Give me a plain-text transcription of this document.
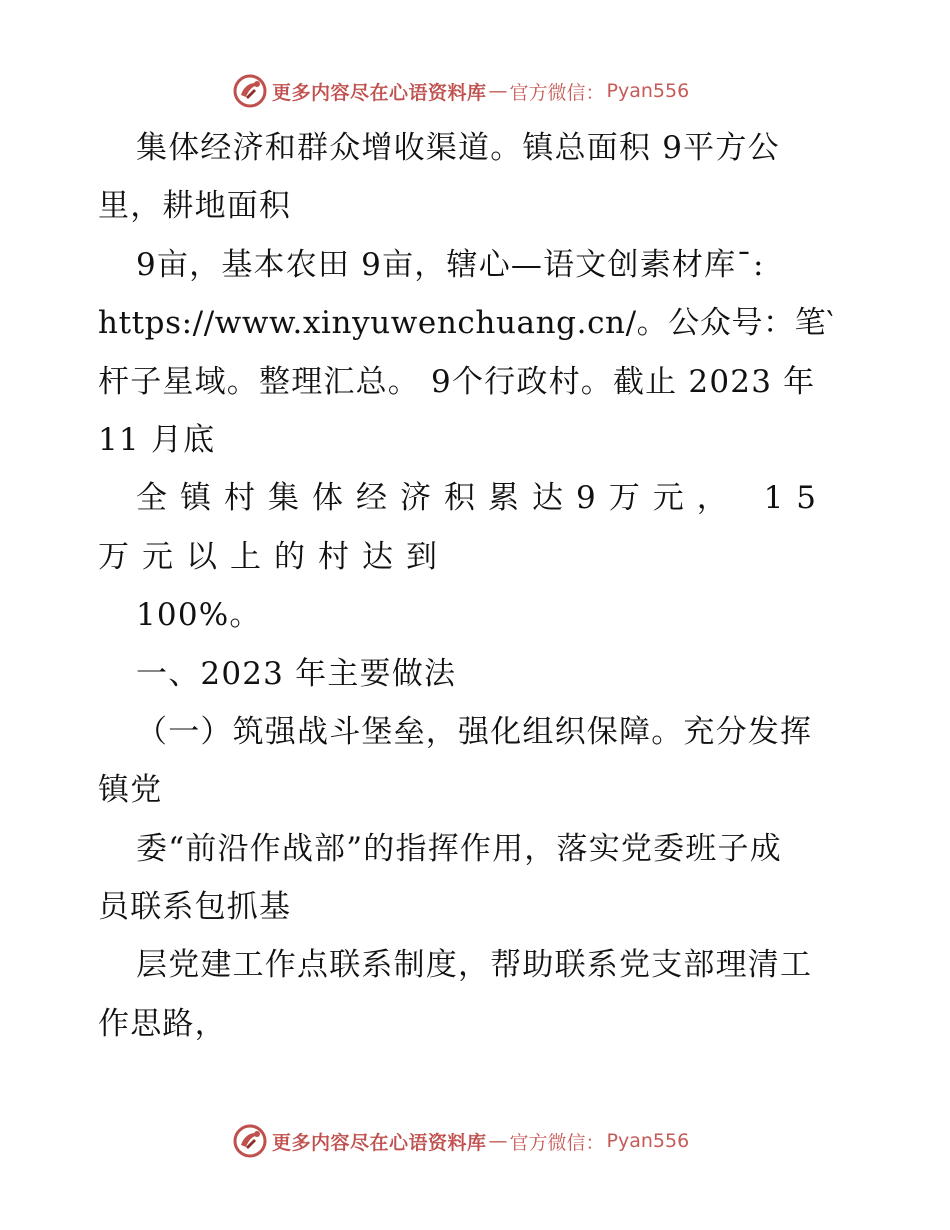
更多内容尽在心语资料库 — 官方微信： Pyan556
集体经济和群众增收渠道。镇总面积 9平方公
里，耕地面积
9亩，基本农田 9亩，辖心—语文创素材库¯:
https://www.xinyuwenchuang.cn/。公众号：笔‵
杆子星域。整理汇总。 9个行政村。截止 2023 年
11 月底
全镇村集体经济积累达9万元， 15
万元以上的村达到
100%。
一、2023 年主要做法
（一）筑强战斗堡垒，强化组织保障。充分发挥
镇党
委“前沿作战部”的指挥作用，落实党委班子成
员联系包抓基
层党建工作点联系制度，帮助联系党支部理清工
作思路，
更多内容尽在心语资料库 — 官方微信： Pyan556
